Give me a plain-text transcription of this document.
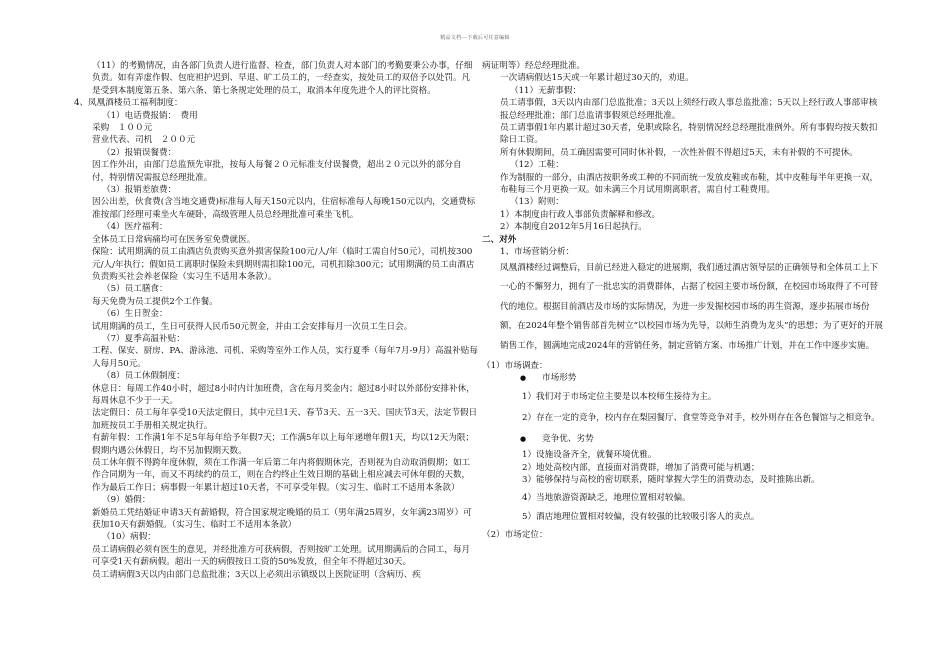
精品文档---下载后可任意编辑

（11）的考勤情况，由各部门负责人进行监督、检查，部门负责人对本部门的考勤要秉公办事，仔细负责。如有弄虚作假、包庇袒护迟到、早退、旷工员工的，一经查实，按处员工的双倍予以处罚。凡是受到本制度第五条、第六条、第七条规定处理的员工，取消本年度先进个人的评比资格。

4、凤凰酒楼员工福利制度：

（1）电话费报销：　费用

采购　１００元

营业代表、司机　２００元

（2）报销误餐费：

因工作外出，由部门总监预先审批，按每人每餐２０元标准支付误餐费，超出２０元以外的部分自付，特别情况需报总经理批准。

（3）报销差旅费：

因公出差，伙食费(含当地交通费)标准每人每天150元以内，住宿标准每人每晚150元以内，交通费标准按部门经理可乘坐火车硬卧，高级管理人员总经理批准可乘坐飞机。

（4）医疗福利：

全体员工日常病痛均可在医务室免费就医。

保险：试用期满的员工由酒店负责购买意外损害保险100元/人/年（临时工需自付50元），司机按300元/人/年执行；假如员工离职时保险未到期则需扣除100元，司机扣除300元；试用期满的员工由酒店负责购买社会养老保险（实习生不适用本条款）。

（5）员工膳食：

每天免费为员工提供2个工作餐。

（6）生日贺金：

试用期满的员工，生日可获得人民币50元贺金，并由工会安排每月一次员工生日会。

（7）夏季高温补贴：

工程、保安、厨房、PA、游泳池、司机、采购等室外工作人员，实行夏季（每年7月-9月）高温补贴每人每月50元。

（8）员工休假制度：

休息日：每周工作40小时，超过8小时内计加班费，含在每月奖金内；超过8小时以外部份安排补休，每周休息不少于一天。

法定假日：员工每年享受10天法定假日，其中元旦1天、春节3天、五一3天、国庆节3天，法定节假日加班按员工手册相关规定执行。

有薪年假：工作满1年不足5年每年给予年假7天；工作满5年以上每年递增年假1天，均以12天为限；假期内遇公休假日，均不另加假期天数。

员工休年假不得跨年度休假，须在工作满一年后第二年内将假期休完，否则视为自动取消假期；如工作合同期为一年，而又不再续约的员工，则在合约终止生效日期的基础上相应减去可休年假的天数，作为最后工作日；病事假一年累计超过10天者，不可享受年假。（实习生、临时工不适用本条款）

（9）婚假：

新婚员工凭结婚证申请3天有薪婚假，符合国家规定晚婚的员工（男年满25周岁，女年满23周岁）可获加10天有薪婚假。（实习生、临时工不适用本条款）

（10）病假：

员工请病假必须有医生的意见，并经批准方可获病假，否则按旷工处理。试用期满后的合同工，每月可享受1天有薪病假。超出一天的病假按日工资的50%发放，但全年不得超过30天。

员工请病假3天以内由部门总监批准；3天以上必须出示镇级以上医院证明（含病历、疾

病证明等）经总经理批准。

一次请病假达15天或一年累计超过30天的，劝退。

（11）无薪事假：

员工请事假，3天以内由部门总监批准；3天以上须经行政人事总监批准；5天以上经行政人事部审核报总经理批准；部门总监请事假须总经理批准。

员工请事假1年内累计超过30天者，免职或除名，特别情况经总经理批准例外。所有事假均按天数扣除日工资。

所有休假期间，员工确因需要可同时休补假，一次性补假不得超过5天，未有补假的不可提休。

（12）工鞋：

作为制服的一部分，由酒店按职务或工种的不同而统一发放皮鞋或布鞋，其中皮鞋每半年更换一双，布鞋每三个月更换一双。如未满三个月试用期离职者，需自付工鞋费用。

（13）附则：

1）本制度由行政人事部负责解释和修改。

2）本制度自2012年5月16日起执行。

二、对外

1、市场营销分析：

凤凰酒楼经过调整后，目前已经进入稳定的进展期，我们通过酒店领导层的正确领导和全体员工上下一心的不懈努力，拥有了一批忠实的消费群体，占据了校园主要市场份额，在校园市场取得了不可替代的地位。根据目前酒店及市场的实际情况，为进一步发掘校园市场的再生资源，逐步拓展市场份额，在2024年整个销售部首先树立“以校园市场为先导，以师生消费为龙头”的思想；为了更好的开展销售工作，圆满地完成2024年的营销任务，制定营销方案、市场推广计划，并在工作中逐步实施。

（1）市场调查：

● 市场形势

1）我们对于市场定位主要是以本校师生接待为主。

2）存在一定的竞争，校内存在梨园餐厅、食堂等竞争对手，校外则存在各色餐馆与之相竞争。

● 竞争优、劣势

1）设施设备齐全，就餐环境优雅。

2）地处高校内部，直接面对消费群，增加了消费可能与机遇；

3）能够保持与高校的密切联系，随时掌握大学生的消费动态，及时推陈出新。

4）当地旅游资源缺乏，地理位置相对较偏。

5）酒店地理位置相对较偏，没有较强的比较吸引客人的卖点。

（2）市场定位：
